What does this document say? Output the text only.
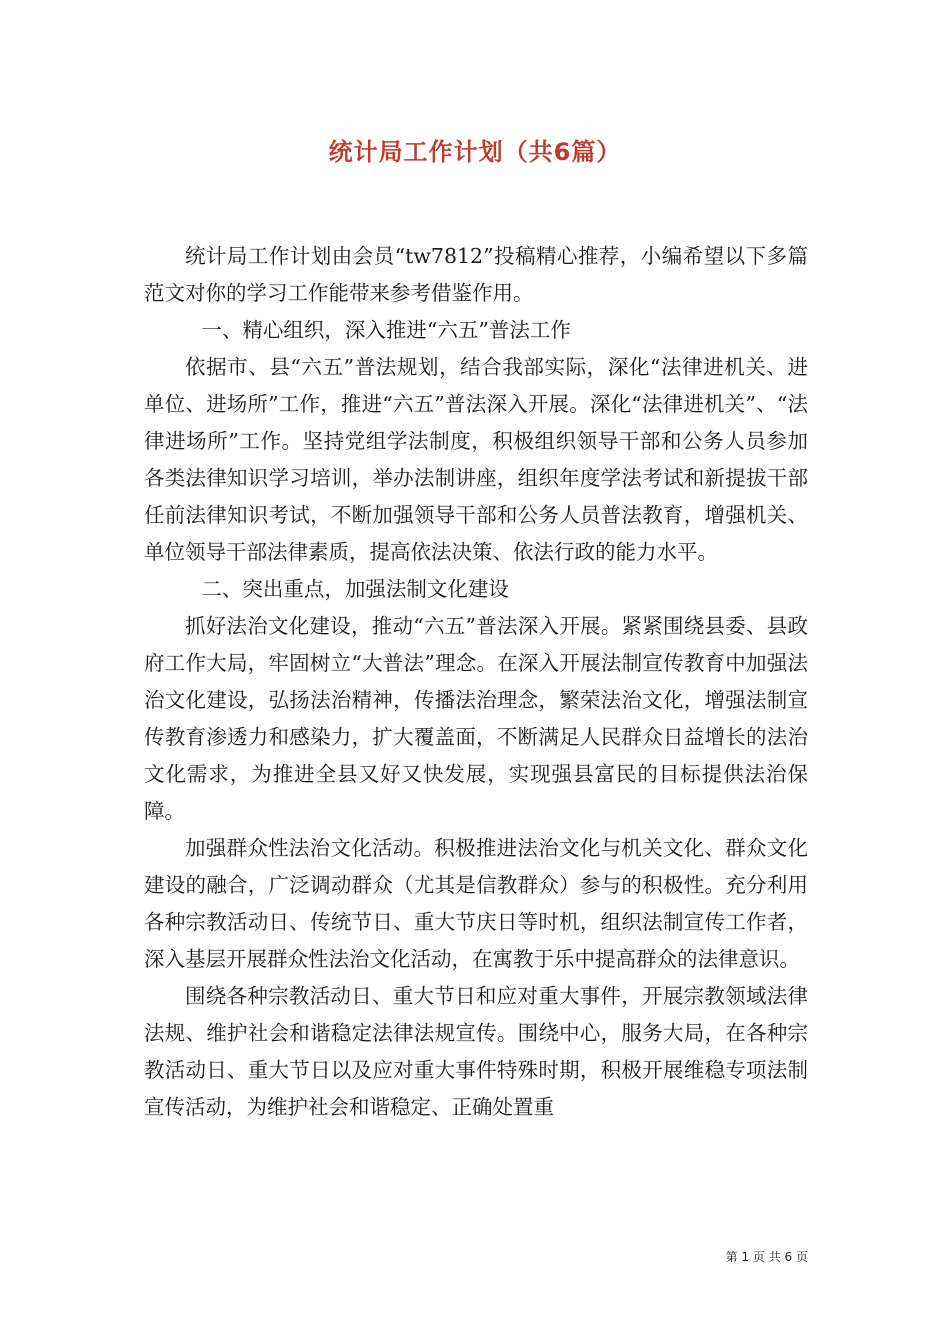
统计局工作计划（共6篇）

统计局工作计划由会员“tw7812”投稿精心推荐，小编希望以下多篇范文对你的学习工作能带来参考借鉴作用。

一、精心组织，深入推进“六五”普法工作

依据市、县“六五”普法规划，结合我部实际，深化“法律进机关、进单位、进场所”工作，推进“六五”普法深入开展。深化“法律进机关”、“法律进场所”工作。坚持党组学法制度，积极组织领导干部和公务人员参加各类法律知识学习培训，举办法制讲座，组织年度学法考试和新提拔干部任前法律知识考试，不断加强领导干部和公务人员普法教育，增强机关、单位领导干部法律素质，提高依法决策、依法行政的能力水平。

二、突出重点，加强法制文化建设

抓好法治文化建设，推动“六五”普法深入开展。紧紧围绕县委、县政府工作大局，牢固树立“大普法”理念。在深入开展法制宣传教育中加强法治文化建设，弘扬法治精神，传播法治理念，繁荣法治文化，增强法制宣传教育渗透力和感染力，扩大覆盖面，不断满足人民群众日益增长的法治文化需求，为推进全县又好又快发展，实现强县富民的目标提供法治保障。

加强群众性法治文化活动。积极推进法治文化与机关文化、群众文化建设的融合，广泛调动群众（尤其是信教群众）参与的积极性。充分利用各种宗教活动日、传统节日、重大节庆日等时机，组织法制宣传工作者，深入基层开展群众性法治文化活动，在寓教于乐中提高群众的法律意识。

围绕各种宗教活动日、重大节日和应对重大事件，开展宗教领域法律法规、维护社会和谐稳定法律法规宣传。围绕中心，服务大局，在各种宗教活动日、重大节日以及应对重大事件特殊时期，积极开展维稳专项法制宣传活动，为维护社会和谐稳定、正确处置重

第 1 页 共 6 页
